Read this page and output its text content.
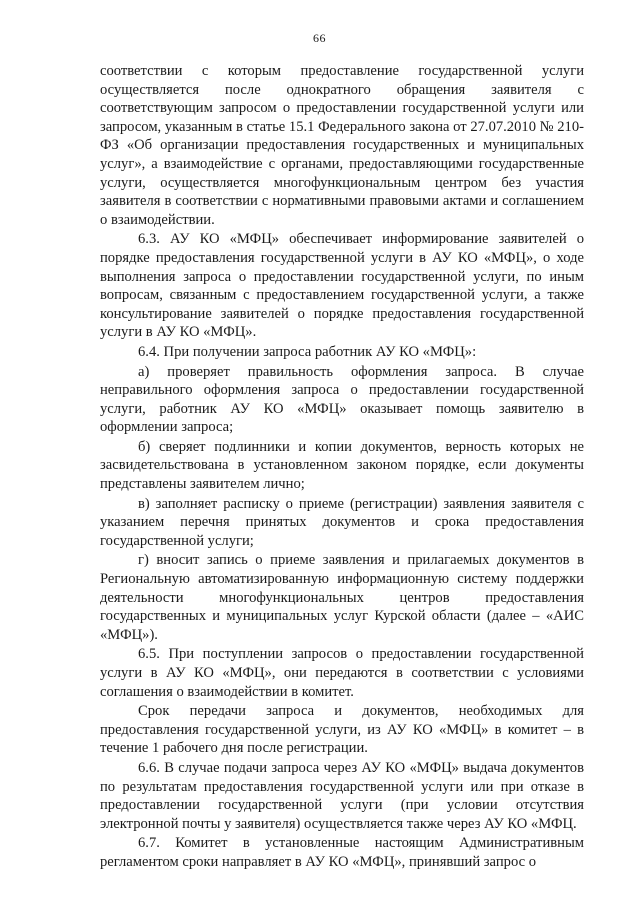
66

соответствии с которым предоставление государственной услуги осуществляется после однократного обращения заявителя с соответствующим запросом о предоставлении государственной услуги или запросом, указанным в статье 15.1 Федерального закона от 27.07.2010 № 210-ФЗ «Об организации предоставления государственных и муниципальных услуг», а взаимодействие с органами, предоставляющими государственные услуги, осуществляется многофункциональным центром без участия заявителя в соответствии с нормативными правовыми актами и соглашением о взаимодействии.

6.3. АУ КО «МФЦ» обеспечивает информирование заявителей о порядке предоставления государственной услуги в АУ КО «МФЦ», о ходе выполнения запроса о предоставлении государственной услуги, по иным вопросам, связанным с предоставлением государственной услуги, а также консультирование заявителей о порядке предоставления государственной услуги в АУ КО «МФЦ».

6.4. При получении запроса работник АУ КО «МФЦ»:

а) проверяет правильность оформления запроса. В случае неправильного оформления запроса о предоставлении государственной услуги, работник АУ КО «МФЦ» оказывает помощь заявителю в оформлении запроса;

б) сверяет подлинники и копии документов, верность которых не засвидетельствована в установленном законом порядке, если документы представлены заявителем лично;

в) заполняет расписку о приеме (регистрации) заявления заявителя с указанием перечня принятых документов и срока предоставления государственной услуги;

г) вносит запись о приеме заявления и прилагаемых документов в Региональную автоматизированную информационную систему поддержки деятельности многофункциональных центров предоставления государственных и муниципальных услуг Курской области (далее – «АИС «МФЦ»).

6.5. При поступлении запросов о предоставлении государственной услуги в АУ КО «МФЦ», они передаются в соответствии с условиями соглашения о взаимодействии в комитет.

Срок передачи запроса и документов, необходимых для предоставления государственной услуги, из АУ КО «МФЦ» в комитет – в течение 1 рабочего дня после регистрации.

6.6. В случае подачи запроса через АУ КО «МФЦ» выдача документов по результатам предоставления государственной услуги или при отказе в предоставлении государственной услуги (при условии отсутствия электронной почты у заявителя) осуществляется также через АУ КО «МФЦ.

6.7. Комитет в установленные настоящим Административным регламентом сроки направляет в АУ КО «МФЦ», принявший запрос о
